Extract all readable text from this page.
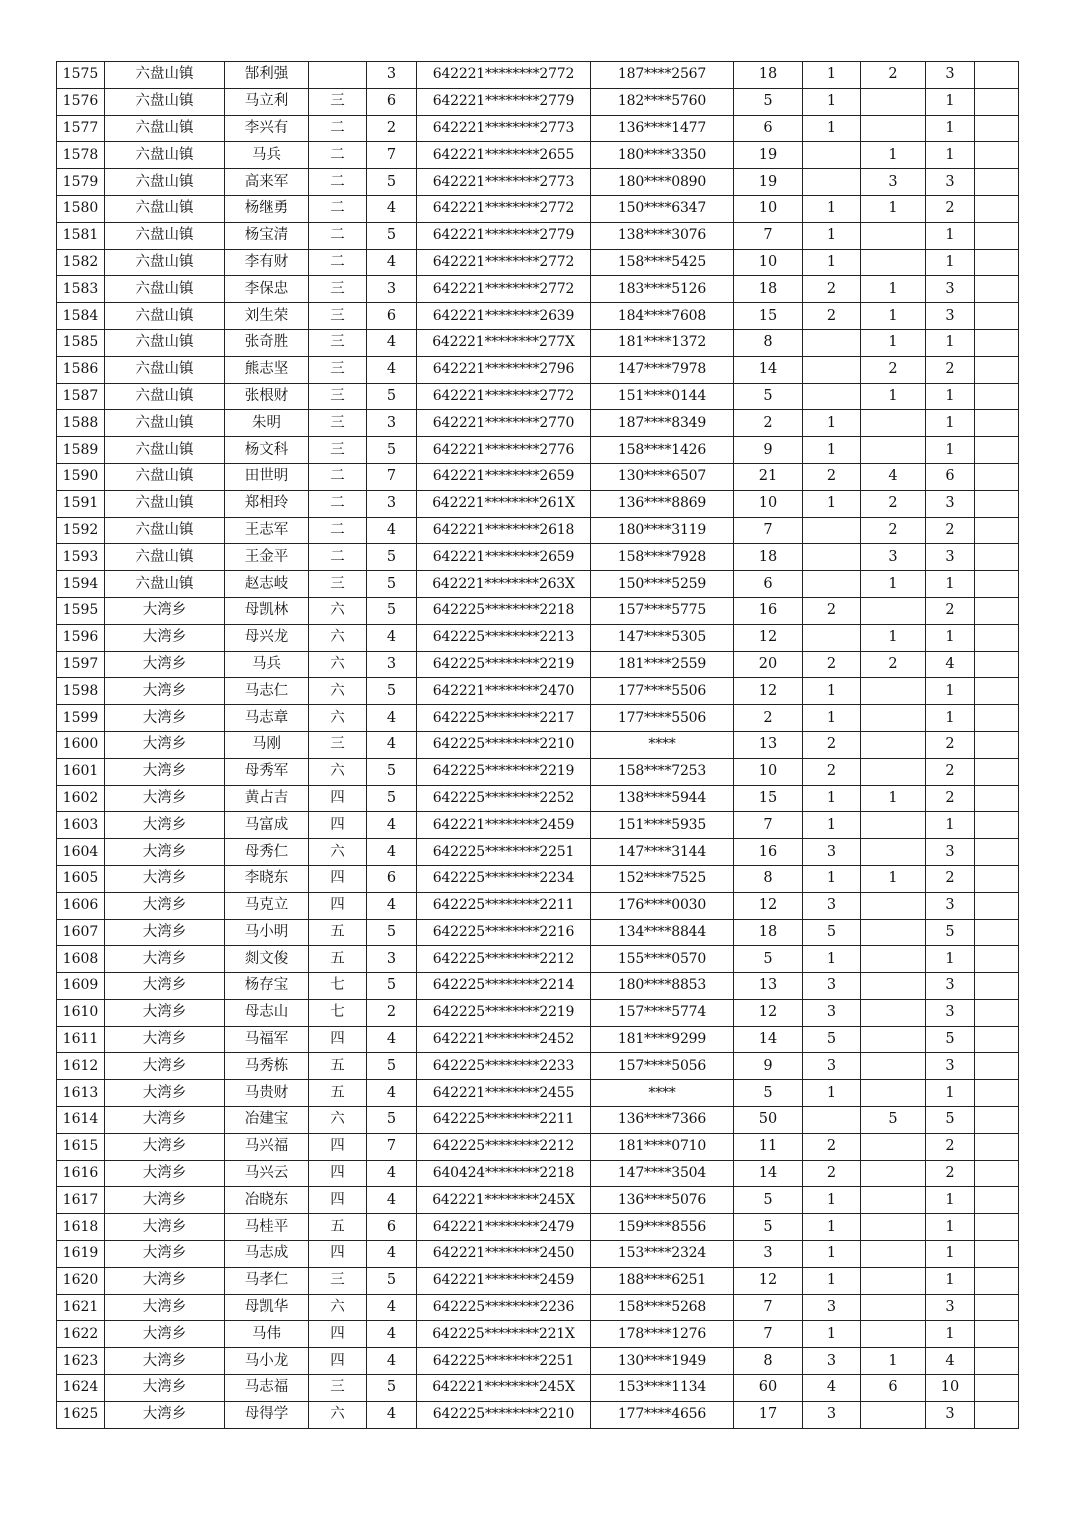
1575	六盘山镇	郜利强		3	642221********2772	187****2567	18	1	2	3	
1576	六盘山镇	马立利	三	6	642221********2779	182****5760	5	1		1	
1577	六盘山镇	李兴有	二	2	642221********2773	136****1477	6	1		1	
1578	六盘山镇	马兵	二	7	642221********2655	180****3350	19		1	1	
1579	六盘山镇	高来军	二	5	642221********2773	180****0890	19		3	3	
1580	六盘山镇	杨继勇	二	4	642221********2772	150****6347	10	1	1	2	
1581	六盘山镇	杨宝清	二	5	642221********2779	138****3076	7	1		1	
1582	六盘山镇	李有财	二	4	642221********2772	158****5425	10	1		1	
1583	六盘山镇	李保忠	三	3	642221********2772	183****5126	18	2	1	3	
1584	六盘山镇	刘生荣	三	6	642221********2639	184****7608	15	2	1	3	
1585	六盘山镇	张奇胜	三	4	642221********277X	181****1372	8		1	1	
1586	六盘山镇	熊志坚	三	4	642221********2796	147****7978	14		2	2	
1587	六盘山镇	张根财	三	5	642221********2772	151****0144	5		1	1	
1588	六盘山镇	朱明	三	3	642221********2770	187****8349	2	1		1	
1589	六盘山镇	杨文科	三	5	642221********2776	158****1426	9	1		1	
1590	六盘山镇	田世明	二	7	642221********2659	130****6507	21	2	4	6	
1591	六盘山镇	郑相玲	二	3	642221********261X	136****8869	10	1	2	3	
1592	六盘山镇	王志军	二	4	642221********2618	180****3119	7		2	2	
1593	六盘山镇	王金平	二	5	642221********2659	158****7928	18		3	3	
1594	六盘山镇	赵志岐	三	5	642221********263X	150****5259	6		1	1	
1595	大湾乡	母凯林	六	5	642225********2218	157****5775	16	2		2	
1596	大湾乡	母兴龙	六	4	642225********2213	147****5305	12		1	1	
1597	大湾乡	马兵	六	3	642225********2219	181****2559	20	2	2	4	
1598	大湾乡	马志仁	六	5	642221********2470	177****5506	12	1		1	
1599	大湾乡	马志章	六	4	642225********2217	177****5506	2	1		1	
1600	大湾乡	马刚	三	4	642225********2210	****	13	2		2	
1601	大湾乡	母秀军	六	5	642225********2219	158****7253	10	2		2	
1602	大湾乡	黄占吉	四	5	642225********2252	138****5944	15	1	1	2	
1603	大湾乡	马富成	四	4	642221********2459	151****5935	7	1		1	
1604	大湾乡	母秀仁	六	4	642225********2251	147****3144	16	3		3	
1605	大湾乡	李晓东	四	6	642225********2234	152****7525	8	1	1	2	
1606	大湾乡	马克立	四	4	642225********2211	176****0030	12	3		3	
1607	大湾乡	马小明	五	5	642225********2216	134****8844	18	5		5	
1608	大湾乡	剡文俊	五	3	642225********2212	155****0570	5	1		1	
1609	大湾乡	杨存宝	七	5	642225********2214	180****8853	13	3		3	
1610	大湾乡	母志山	七	2	642225********2219	157****5774	12	3		3	
1611	大湾乡	马福军	四	4	642221********2452	181****9299	14	5		5	
1612	大湾乡	马秀栋	五	5	642225********2233	157****5056	9	3		3	
1613	大湾乡	马贵财	五	4	642221********2455	****	5	1		1	
1614	大湾乡	冶建宝	六	5	642225********2211	136****7366	50		5	5	
1615	大湾乡	马兴福	四	7	642225********2212	181****0710	11	2		2	
1616	大湾乡	马兴云	四	4	640424********2218	147****3504	14	2		2	
1617	大湾乡	冶晓东	四	4	642221********245X	136****5076	5	1		1	
1618	大湾乡	马桂平	五	6	642221********2479	159****8556	5	1		1	
1619	大湾乡	马志成	四	4	642221********2450	153****2324	3	1		1	
1620	大湾乡	马孝仁	三	5	642221********2459	188****6251	12	1		1	
1621	大湾乡	母凯华	六	4	642225********2236	158****5268	7	3		3	
1622	大湾乡	马伟	四	4	642225********221X	178****1276	7	1		1	
1623	大湾乡	马小龙	四	4	642225********2251	130****1949	8	3	1	4	
1624	大湾乡	马志福	三	5	642221********245X	153****1134	60	4	6	10	
1625	大湾乡	母得学	六	4	642225********2210	177****4656	17	3		3	
